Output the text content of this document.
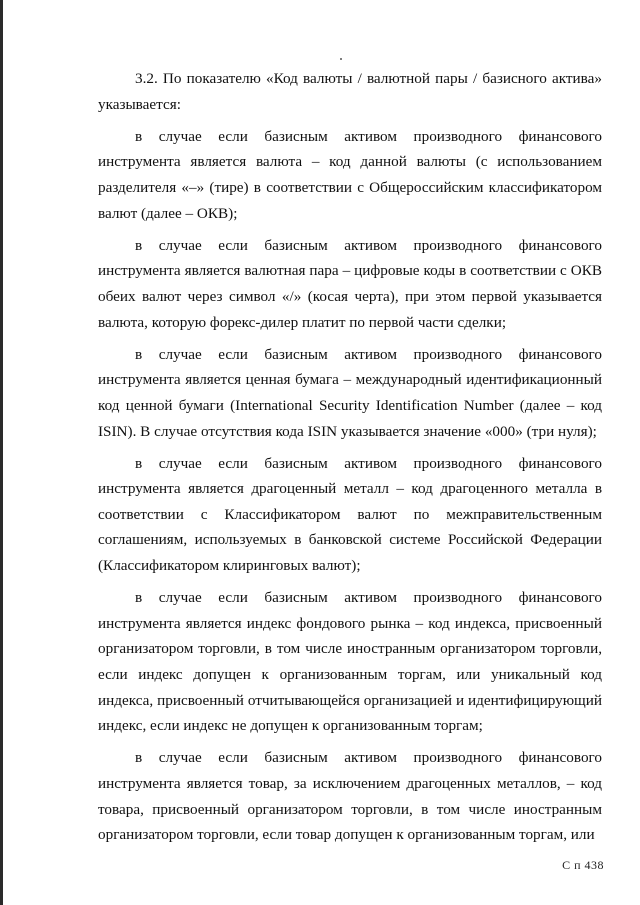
3.2. По показателю «Код валюты / валютной пары / базисного актива» указывается:

в случае если базисным активом производного финансового инструмента является валюта – код данной валюты (с использованием разделителя «–» (тире) в соответствии с Общероссийским классификатором валют (далее – ОКВ);

в случае если базисным активом производного финансового инструмента является валютная пара – цифровые коды в соответствии с ОКВ обеих валют через символ «/» (косая черта), при этом первой указывается валюта, которую форекс-дилер платит по первой части сделки;

в случае если базисным активом производного финансового инструмента является ценная бумага – международный идентификационный код ценной бумаги (International Security Identification Number (далее – код ISIN). В случае отсутствия кода ISIN указывается значение «000» (три нуля);

в случае если базисным активом производного финансового инструмента является драгоценный металл – код драгоценного металла в соответствии с Классификатором валют по межправительственным соглашениям, используемых в банковской системе Российской Федерации (Классификатором клиринговых валют);

в случае если базисным активом производного финансового инструмента является индекс фондового рынка – код индекса, присвоенный организатором торговли, в том числе иностранным организатором торговли, если индекс допущен к организованным торгам, или уникальный код индекса, присвоенный отчитывающейся организацией и идентифицирующий индекс, если индекс не допущен к организованным торгам;

в случае если базисным активом производного финансового инструмента является товар, за исключением драгоценных металлов, – код товара, присвоенный организатором торговли, в том числе иностранным организатором торговли, если товар допущен к организованным торгам, или

С п 438
